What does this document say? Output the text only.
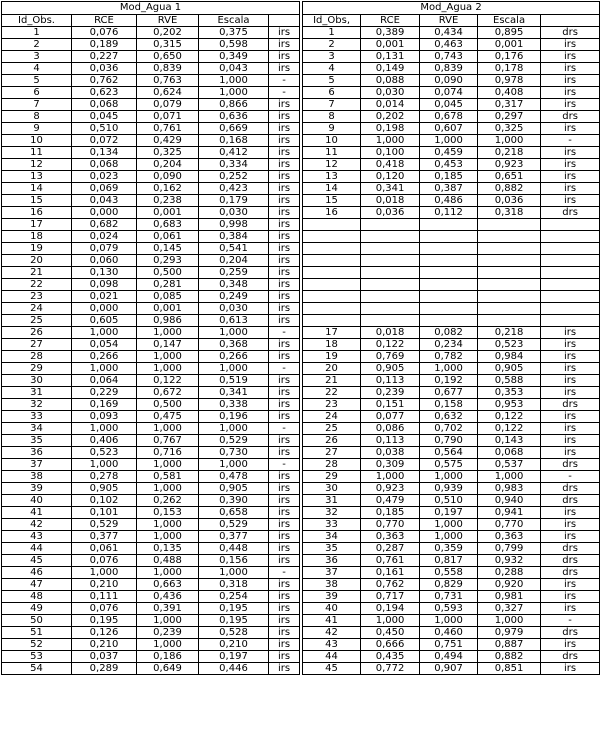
Mod_Agua 1						Mod_Agua 2				
Id_Obs.	RCE	RVE	Escala			Id_Obs,	RCE	RVE	Escala	
1	0,076	0,202	0,375	irs		1	0,389	0,434	0,895	drs
2	0,189	0,315	0,598	irs		2	0,001	0,463	0,001	irs
3	0,227	0,650	0,349	irs		3	0,131	0,743	0,176	irs
4	0,036	0,839	0,043	irs		4	0,149	0,839	0,178	irs
5	0,762	0,763	1,000	-		5	0,088	0,090	0,978	irs
6	0,623	0,624	1,000	-		6	0,030	0,074	0,408	irs
7	0,068	0,079	0,866	irs		7	0,014	0,045	0,317	irs
8	0,045	0,071	0,636	irs		8	0,202	0,678	0,297	drs
9	0,510	0,761	0,669	irs		9	0,198	0,607	0,325	irs
10	0,072	0,429	0,168	irs		10	1,000	1,000	1,000	-
11	0,134	0,325	0,412	irs		11	0,100	0,459	0,218	irs
12	0,068	0,204	0,334	irs		12	0,418	0,453	0,923	irs
13	0,023	0,090	0,252	irs		13	0,120	0,185	0,651	irs
14	0,069	0,162	0,423	irs		14	0,341	0,387	0,882	irs
15	0,043	0,238	0,179	irs		15	0,018	0,486	0,036	irs
16	0,000	0,001	0,030	irs		16	0,036	0,112	0,318	drs
17	0,682	0,683	0,998	irs						
18	0,024	0,061	0,384	irs						
19	0,079	0,145	0,541	irs						
20	0,060	0,293	0,204	irs						
21	0,130	0,500	0,259	irs						
22	0,098	0,281	0,348	irs						
23	0,021	0,085	0,249	irs						
24	0,000	0,001	0,030	irs						
25	0,605	0,986	0,613	irs						
26	1,000	1,000	1,000	-		17	0,018	0,082	0,218	irs
27	0,054	0,147	0,368	irs		18	0,122	0,234	0,523	irs
28	0,266	1,000	0,266	irs		19	0,769	0,782	0,984	irs
29	1,000	1,000	1,000	-		20	0,905	1,000	0,905	irs
30	0,064	0,122	0,519	irs		21	0,113	0,192	0,588	irs
31	0,229	0,672	0,341	irs		22	0,239	0,677	0,353	irs
32	0,169	0,500	0,338	irs		23	0,151	0,158	0,953	drs
33	0,093	0,475	0,196	irs		24	0,077	0,632	0,122	irs
34	1,000	1,000	1,000	-		25	0,086	0,702	0,122	irs
35	0,406	0,767	0,529	irs		26	0,113	0,790	0,143	irs
36	0,523	0,716	0,730	irs		27	0,038	0,564	0,068	irs
37	1,000	1,000	1,000	-		28	0,309	0,575	0,537	drs
38	0,278	0,581	0,478	irs		29	1,000	1,000	1,000	-
39	0,905	1,000	0,905	irs		30	0,923	0,939	0,983	drs
40	0,102	0,262	0,390	irs		31	0,479	0,510	0,940	drs
41	0,101	0,153	0,658	irs		32	0,185	0,197	0,941	irs
42	0,529	1,000	0,529	irs		33	0,770	1,000	0,770	irs
43	0,377	1,000	0,377	irs		34	0,363	1,000	0,363	irs
44	0,061	0,135	0,448	irs		35	0,287	0,359	0,799	drs
45	0,076	0,488	0,156	irs		36	0,761	0,817	0,932	drs
46	1,000	1,000	1,000	-		37	0,161	0,558	0,288	drs
47	0,210	0,663	0,318	irs		38	0,762	0,829	0,920	irs
48	0,111	0,436	0,254	irs		39	0,717	0,731	0,981	irs
49	0,076	0,391	0,195	irs		40	0,194	0,593	0,327	irs
50	0,195	1,000	0,195	irs		41	1,000	1,000	1,000	-
51	0,126	0,239	0,528	irs		42	0,450	0,460	0,979	drs
52	0,210	1,000	0,210	irs		43	0,666	0,751	0,887	irs
53	0,037	0,186	0,197	irs		44	0,435	0,494	0,882	drs
54	0,289	0,649	0,446	irs		45	0,772	0,907	0,851	irs
